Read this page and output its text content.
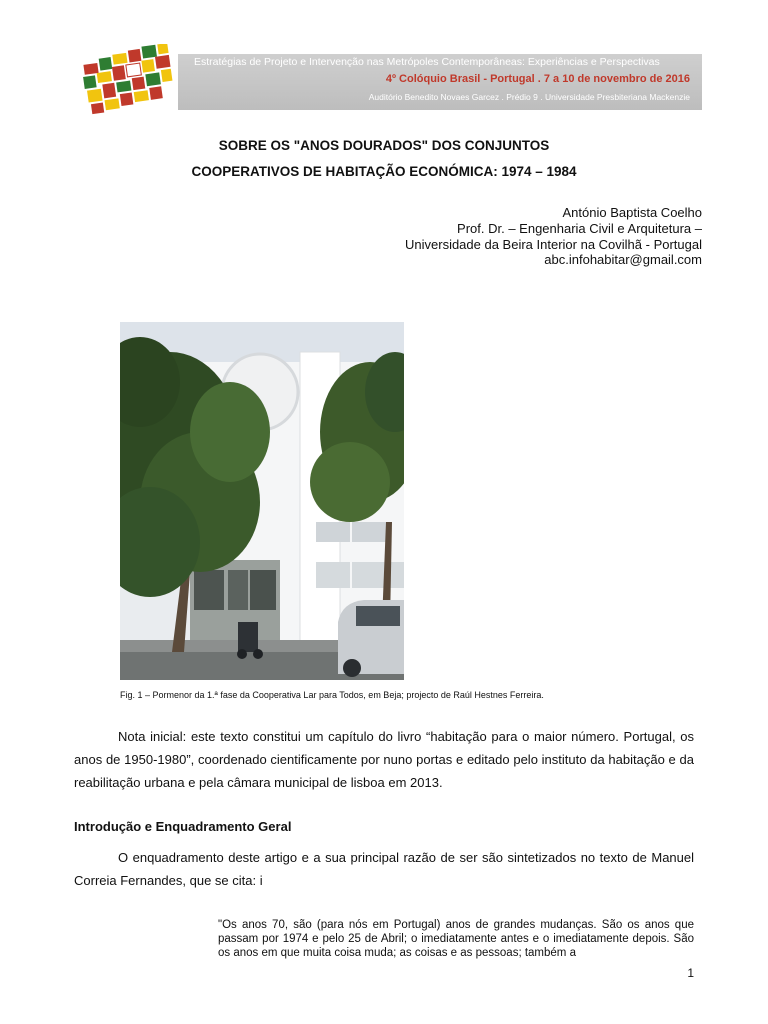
Estratégias de Projeto e Intervenção nas Metrópoles Contemporâneas: Experiências e Perspectivas
4º Colóquio Brasil - Portugal . 7 a 10 de novembro de 2016
Auditório Benedito Novaes Garcez . Prédio 9 . Universidade Presbiteriana Mackenzie
SOBRE OS "ANOS DOURADOS" DOS CONJUNTOS
COOPERATIVOS DE HABITAÇÃO ECONÓMICA: 1974 – 1984
António Baptista Coelho
Prof. Dr. – Engenharia Civil e Arquitetura –
Universidade da Beira Interior na Covilhã - Portugal
abc.infohabitar@gmail.com
Fig. 1 – Pormenor da 1.ª fase da Cooperativa Lar para Todos, em Beja; projecto de Raúl Hestnes Ferreira.

Nota inicial: este texto constitui um capítulo do livro “habitação para o maior número. Portugal, os anos de 1950-1980”, coordenado cientificamente por nuno portas e editado pelo instituto da habitação e da reabilitação urbana e pela câmara municipal de lisboa em 2013.

Introdução e Enquadramento Geral

O enquadramento deste artigo e a sua principal razão de ser são sintetizados no texto de Manuel Correia Fernandes, que se cita: i

"Os anos 70, são (para nós em Portugal) anos de grandes mudanças. São os anos que passam por 1974 e pelo 25 de Abril; o imediatamente antes e o imediatamente depois. São os anos em que muita coisa muda; as coisas e as pessoas; também a

1
